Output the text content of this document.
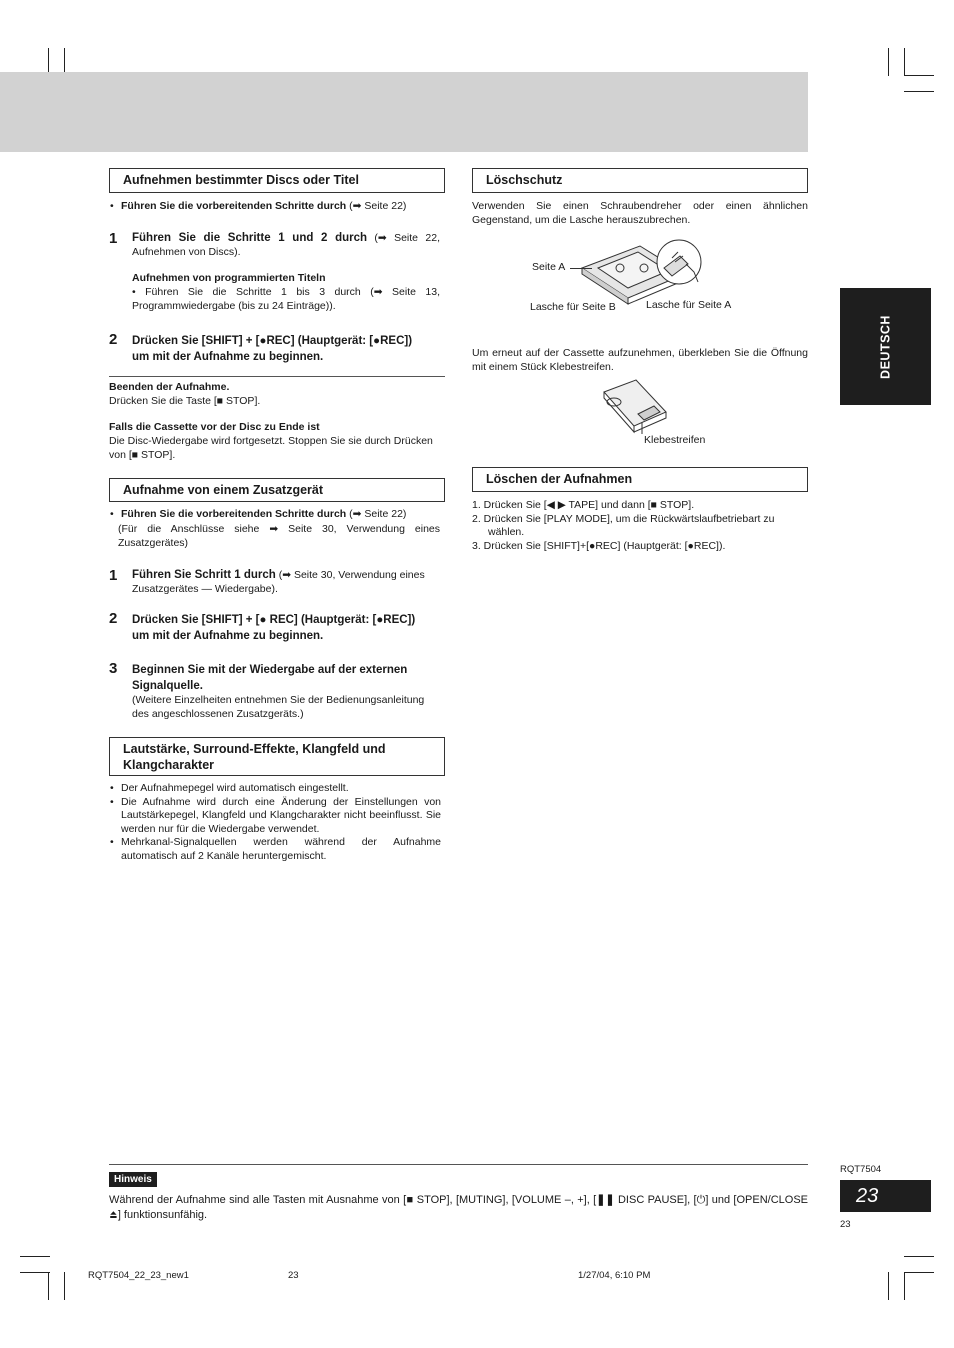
Aufnehmen bestimmter Discs oder Titel
• Führen Sie die vorbereitenden Schritte durch (➡ Seite 22)
1 Führen Sie die Schritte 1 und 2 durch (➡ Seite 22, Aufnehmen von Discs).
Aufnehmen von programmierten Titeln
• Führen Sie die Schritte 1 bis 3 durch (➡ Seite 13, Programmwiedergabe (bis zu 24 Einträge)).
2 Drücken Sie [SHIFT] + [●REC] (Hauptgerät: [●REC])
um mit der Aufnahme zu beginnen.
Beenden der Aufnahme.
Drücken Sie die Taste [■ STOP].
Falls die Cassette vor der Disc zu Ende ist
Die Disc-Wiedergabe wird fortgesetzt. Stoppen Sie sie durch Drücken von [■ STOP].
Aufnahme von einem Zusatzgerät
• Führen Sie die vorbereitenden Schritte durch (➡ Seite 22)
(Für die Anschlüsse siehe ➡ Seite 30, Verwendung eines Zusatzgerätes)
1 Führen Sie Schritt 1 durch (➡ Seite 30, Verwendung eines Zusatzgerätes — Wiedergabe).
2 Drücken Sie [SHIFT] + [● REC] (Hauptgerät: [●REC])
um mit der Aufnahme zu beginnen.
3 Beginnen Sie mit der Wiedergabe auf der externen Signalquelle.
(Weitere Einzelheiten entnehmen Sie der Bedienungsanleitung des angeschlossenen Zusatzgeräts.)
Lautstärke, Surround-Effekte, Klangfeld und Klangcharakter
• Der Aufnahmepegel wird automatisch eingestellt.
• Die Aufnahme wird durch eine Änderung der Einstellungen von Lautstärkepegel, Klangfeld und Klangcharakter nicht beeinflusst. Sie werden nur für die Wiedergabe verwendet.
• Mehrkanal-Signalquellen werden während der Aufnahme automatisch auf 2 Kanäle heruntergemischt.
Löschschutz
Verwenden Sie einen Schraubendreher oder einen ähnlichen Gegenstand, um die Lasche herauszubrechen.
Seite A
Lasche für Seite B	Lasche für Seite A
Um erneut auf der Cassette aufzunehmen, überkleben Sie die Öffnung mit einem Stück Klebestreifen.
Klebestreifen
Löschen der Aufnahmen
1. Drücken Sie [◀ ▶ TAPE] und dann [■ STOP].
2. Drücken Sie [PLAY MODE], um die Rückwärtslaufbetriebart zu wählen.
3. Drücken Sie [SHIFT]+[●REC] (Hauptgerät: [●REC]).
DEUTSCH
Hinweis
Während der Aufnahme sind alle Tasten mit Ausnahme von [■ STOP], [MUTING], [VOLUME –, +], [❚❚ DISC PAUSE], [⏻] und [OPEN/CLOSE ⏏] funktionsunfähig.
RQT7504
23
23
RQT7504_22_23_new1	23	1/27/04, 6:10 PM
